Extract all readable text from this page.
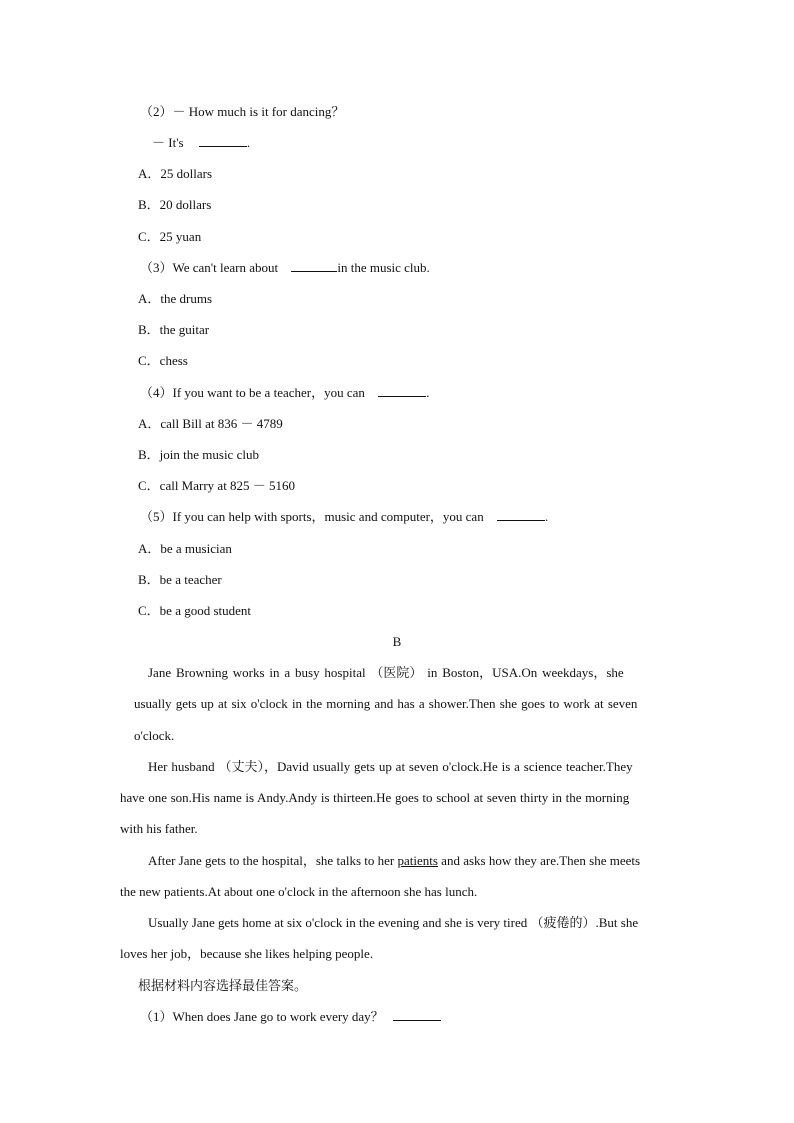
（2）－ How much is it for dancing？
－ It's	.
A．25 dollars
B．20 dollars
C．25 yuan
（3）We can't learn about	in the music club.
A．the drums
B．the guitar
C．chess
（4）If you want to be a teacher，you can	.
A．call Bill at 836 － 4789
B．join the music club
C．call Marry at 825 － 5160
（5）If you can help with sports，music and computer，you can	.
A．be a musician
B．be a teacher
C．be a good student
B
Jane Browning works in a busy hospital （医院） in Boston，USA.On weekdays，she
usually gets up at six o'clock in the morning and has a shower.Then she goes to work at seven
o'clock.
Her husband （丈夫），David usually gets up at seven o'clock.He is a science teacher.They
have one son.His name is Andy.Andy is thirteen.He goes to school at seven thirty in the morning
with his father.
After Jane gets to the hospital，she talks to her patients and asks how they are.Then she meets
the new patients.At about one o'clock in the afternoon she has lunch.
Usually Jane gets home at six o'clock in the evening and she is very tired （疲倦的）.But she
loves her job，because she likes helping people.
根据材料内容选择最佳答案。
（1）When does Jane go to work every day？
